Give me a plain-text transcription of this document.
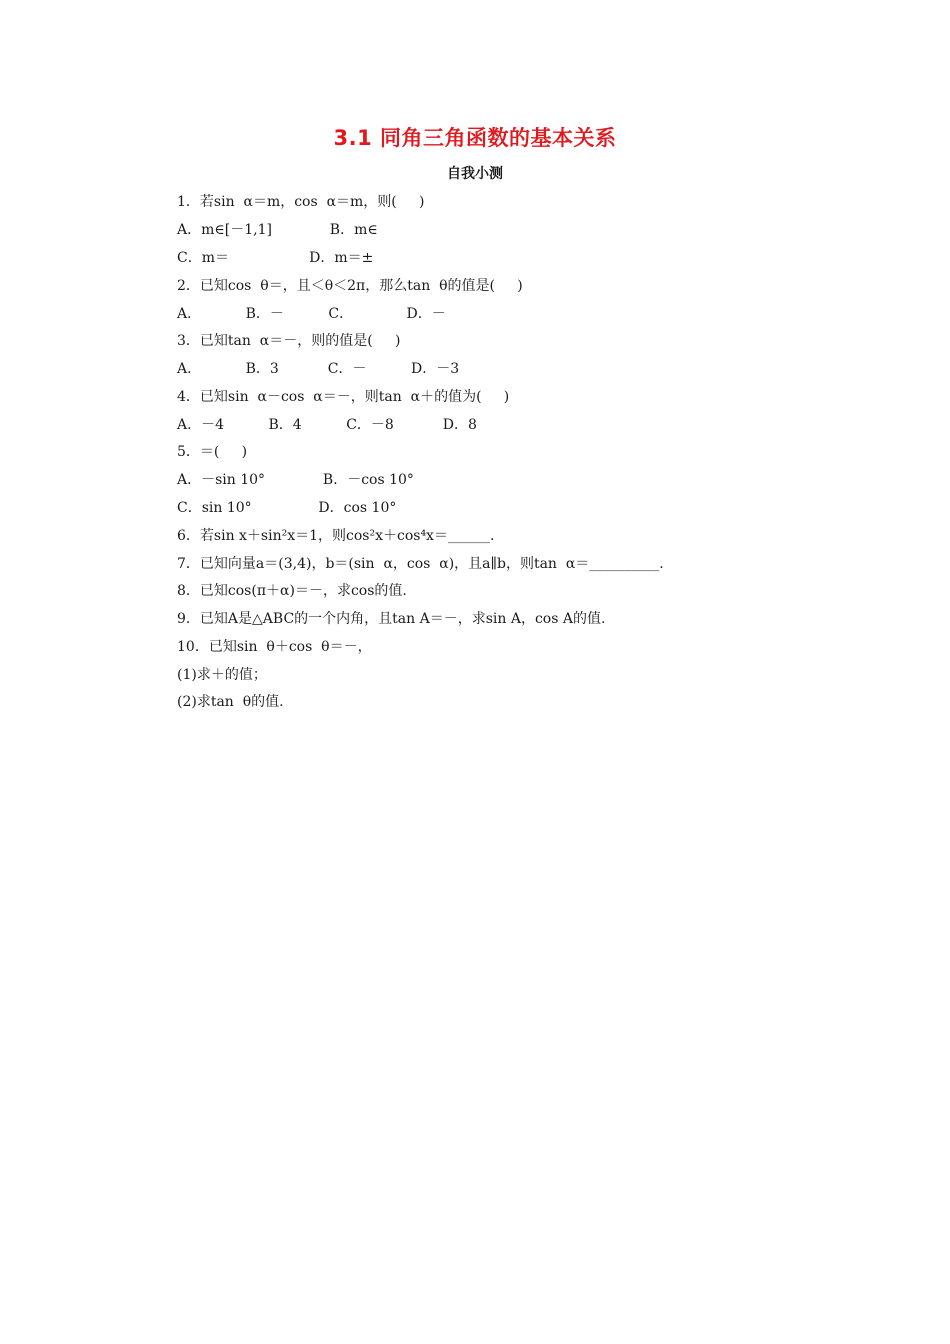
3.1 同角三角函数的基本关系
自我小测
1．若sin  α＝m，cos  α＝m，则(     )
A．m∈[－1,1]             B．m∈
C．m＝                  D．m＝±
2．已知cos  θ＝，且＜θ＜2π，那么tan  θ的值是(     )
A．          B．－          C．            D．－
3．已知tan  α＝－，则的值是(     )
A．          B．3           C．－          D．－3
4．已知sin  α－cos  α＝－，则tan  α＋的值为(     )
A．－4          B．4          C．－8           D．8
5．＝(     )
A．－sin 10°             B．－cos 10°
C．sin 10°               D．cos 10°
6．若sin x＋sin²x＝1，则cos²x＋cos⁴x＝______.
7．已知向量a＝(3,4)，b＝(sin  α，cos  α)，且a∥b，则tan  α＝__________.
8．已知cos(π＋α)＝－，求cos的值.
9．已知A是△ABC的一个内角，且tan A＝－，求sin A，cos A的值.
10．已知sin  θ＋cos  θ＝－，
(1)求＋的值；
(2)求tan  θ的值.
